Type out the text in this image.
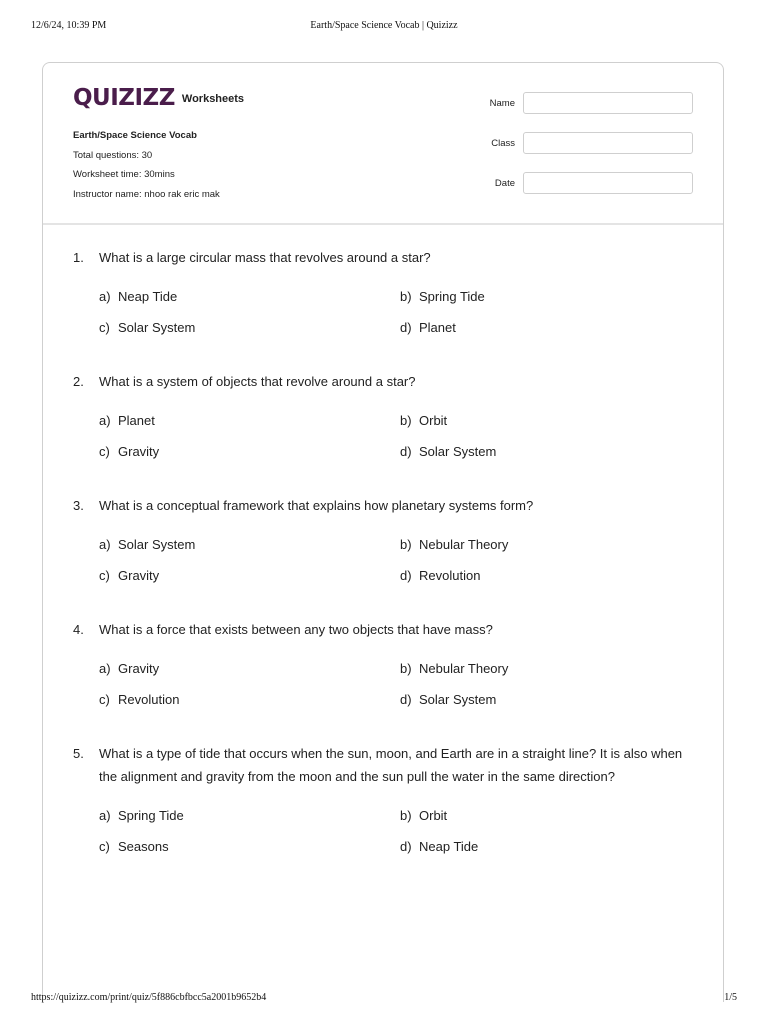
12/6/24, 10:39 PM	Earth/Space Science Vocab | Quizizz
QUIZIZZ Worksheets
Earth/Space Science Vocab
Total questions: 30
Worksheet time: 30mins
Instructor name: nhoo rak eric mak
Name
Class
Date
1. What is a large circular mass that revolves around a star?
a) Neap Tide	b) Spring Tide
c) Solar System	d) Planet
2. What is a system of objects that revolve around a star?
a) Planet	b) Orbit
c) Gravity	d) Solar System
3. What is a conceptual framework that explains how planetary systems form?
a) Solar System	b) Nebular Theory
c) Gravity	d) Revolution
4. What is a force that exists between any two objects that have mass?
a) Gravity	b) Nebular Theory
c) Revolution	d) Solar System
5. What is a type of tide that occurs when the sun, moon, and Earth are in a straight line? It is also when the alignment and gravity from the moon and the sun pull the water in the same direction?
a) Spring Tide	b) Orbit
c) Seasons	d) Neap Tide
https://quizizz.com/print/quiz/5f886cbfbcc5a2001b9652b4	1/5
